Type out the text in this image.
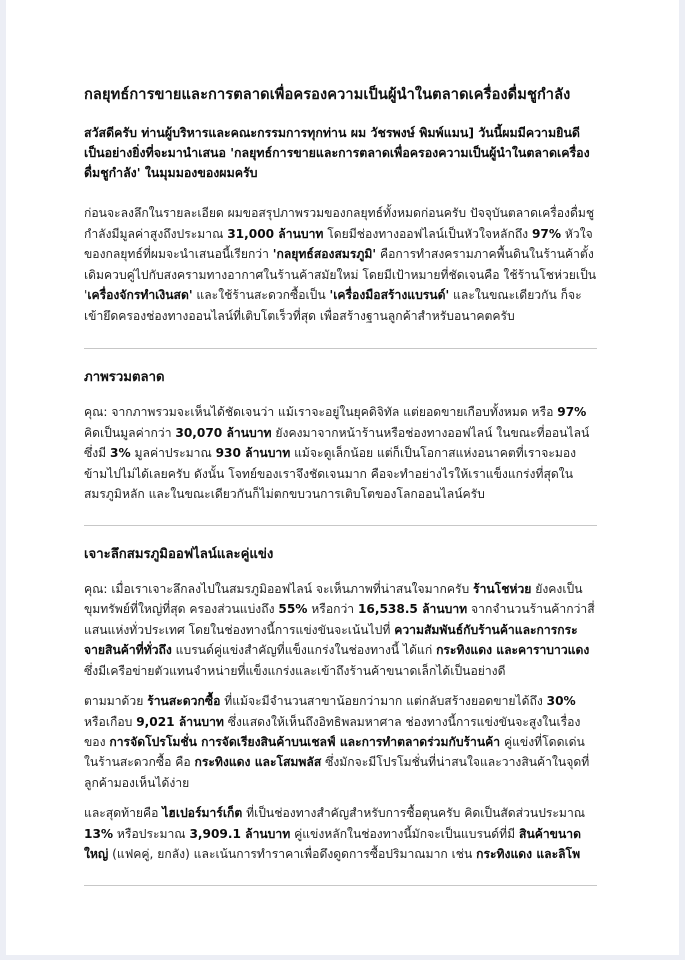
กลยุทธ์การขายและการตลาดเพื่อครองความเป็นผู้นำในตลาดเครื่องดื่มชูกำลัง

สวัสดีครับ ท่านผู้บริหารและคณะกรรมการทุกท่าน ผม วัชรพงษ์ พิมพ์แมน] วันนี้ผมมีความยินดีเป็นอย่างยิ่งที่จะมานำเสนอ 'กลยุทธ์การขายและการตลาดเพื่อครองความเป็นผู้นำในตลาดเครื่องดื่มชูกำลัง' ในมุมมองของผมครับ

ก่อนจะลงลึกในรายละเอียด ผมขอสรุปภาพรวมของกลยุทธ์ทั้งหมดก่อนครับ ปัจจุบันตลาดเครื่องดื่มชูกำลังมีมูลค่าสูงถึงประมาณ 31,000 ล้านบาท โดยมีช่องทางออฟไลน์เป็นหัวใจหลักถึง 97% หัวใจของกลยุทธ์ที่ผมจะนำเสนอนี้เรียกว่า 'กลยุทธ์สองสมรภูมิ' คือการทำสงครามภาคพื้นดินในร้านค้าตั้งเดิมควบคู่ไปกับสงครามทางอากาศในร้านค้าสมัยใหม่ โดยมีเป้าหมายที่ชัดเจนคือ ใช้ร้านโชห่วยเป็น 'เครื่องจักรทำเงินสด' และใช้ร้านสะดวกซื้อเป็น 'เครื่องมือสร้างแบรนด์' และในขณะเดียวกัน ก็จะเข้ายึดครองช่องทางออนไลน์ที่เติบโตเร็วที่สุด เพื่อสร้างฐานลูกค้าสำหรับอนาคตครับ

ภาพรวมตลาด

คุณ: จากภาพรวมจะเห็นได้ชัดเจนว่า แม้เราจะอยู่ในยุคดิจิทัล แต่ยอดขายเกือบทั้งหมด หรือ 97% คิดเป็นมูลค่ากว่า 30,070 ล้านบาท ยังคงมาจากหน้าร้านหรือช่องทางออฟไลน์ ในขณะที่ออนไลน์ซึ่งมี 3% มูลค่าประมาณ 930 ล้านบาท แม้จะดูเล็กน้อย แต่ก็เป็นโอกาสแห่งอนาคตที่เราจะมองข้ามไปไม่ได้เลยครับ ดังนั้น โจทย์ของเราจึงชัดเจนมาก คือจะทำอย่างไรให้เราแข็งแกร่งที่สุดในสมรภูมิหลัก และในขณะเดียวกันก็ไม่ตกขบวนการเติบโตของโลกออนไลน์ครับ

เจาะลึกสมรภูมิออฟไลน์และคู่แข่ง

คุณ: เมื่อเราเจาะลึกลงไปในสมรภูมิออฟไลน์ จะเห็นภาพที่น่าสนใจมากครับ ร้านโชห่วย ยังคงเป็นขุมทรัพย์ที่ใหญ่ที่สุด ครองส่วนแบ่งถึง 55% หรือกว่า 16,538.5 ล้านบาท จากจำนวนร้านค้ากว่าสี่แสนแห่งทั่วประเทศ โดยในช่องทางนี้การแข่งขันจะเน้นไปที่ ความสัมพันธ์กับร้านค้าและการกระจายสินค้าที่ทั่วถึง แบรนด์คู่แข่งสำคัญที่แข็งแกร่งในช่องทางนี้ ได้แก่ กระทิงแดง และคาราบาวแดง ซึ่งมีเครือข่ายตัวแทนจำหน่ายที่แข็งแกร่งและเข้าถึงร้านค้าขนาดเล็กได้เป็นอย่างดี

ตามมาด้วย ร้านสะดวกซื้อ ที่แม้จะมีจำนวนสาขาน้อยกว่ามาก แต่กลับสร้างยอดขายได้ถึง 30% หรือเกือบ 9,021 ล้านบาท ซึ่งแสดงให้เห็นถึงอิทธิพลมหาศาล ช่องทางนี้การแข่งขันจะสูงในเรื่องของ การจัดโปรโมชั่น การจัดเรียงสินค้าบนเชลฟ์ และการทำตลาดร่วมกับร้านค้า คู่แข่งที่โดดเด่นในร้านสะดวกซื้อ คือ กระทิงแดง และโสมพลัส ซึ่งมักจะมีโปรโมชั่นที่น่าสนใจและวางสินค้าในจุดที่ลูกค้ามองเห็นได้ง่าย

และสุดท้ายคือ ไฮเปอร์มาร์เก็ต ที่เป็นช่องทางสำคัญสำหรับการซื้อตุนครับ คิดเป็นสัดส่วนประมาณ 13% หรือประมาณ 3,909.1 ล้านบาท คู่แข่งหลักในช่องทางนี้มักจะเป็นแบรนด์ที่มี สินค้าขนาดใหญ่ (แฟคคู่, ยกลัง) และเน้นการทำราคาเพื่อดึงดูดการซื้อปริมาณมาก เช่น กระทิงแดง และลิโพ
